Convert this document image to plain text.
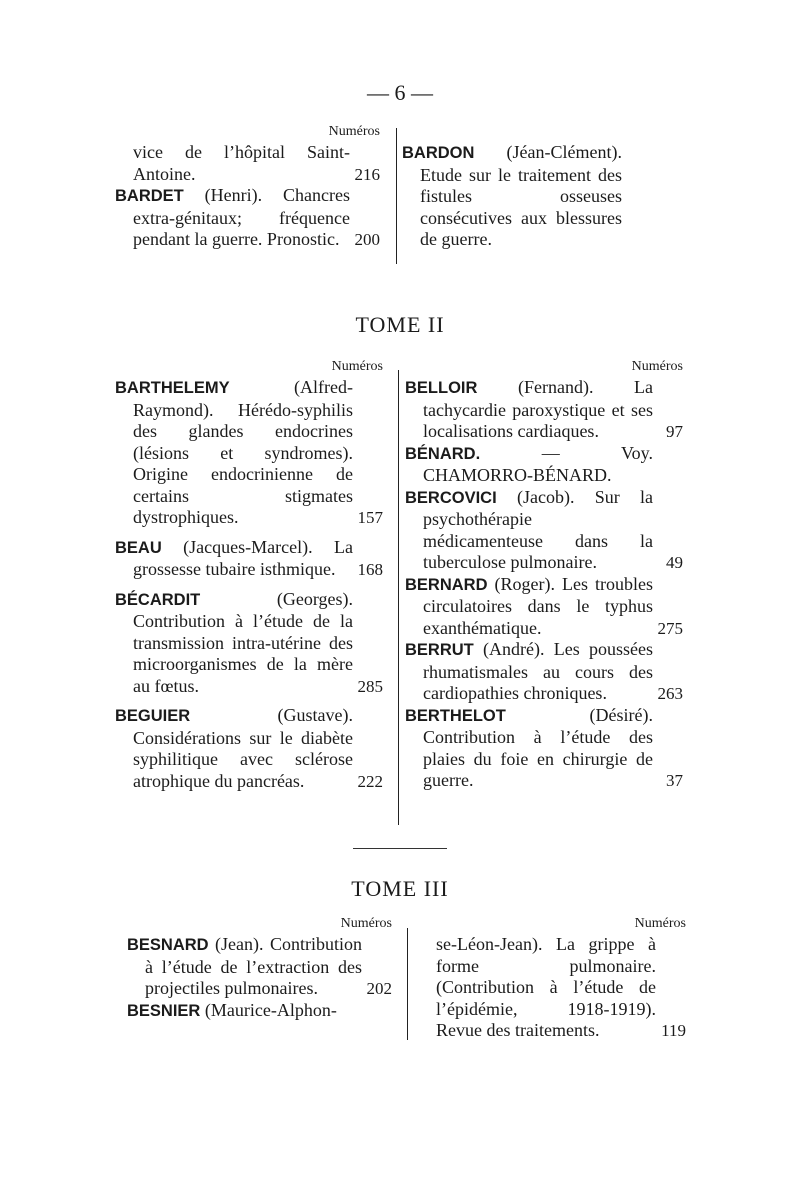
— 6 —
Numéros
vice de l’hôpital Saint-Antoine.	216
BARDET (Henri). Chancres extra-génitaux; fréquence pendant la guerre. Pronostic. 200
BARDON (Jéan-Clément). Etude sur le traitement des fistules osseuses consécutives aux blessures de guerre.
TOME II
Numéros
BARTHELEMY (Alfred-Raymond). Hérédo-syphilis des glandes endocrines (lésions et syndromes). Origine endocrinienne de certains stigmates dystrophiques.	157
BEAU (Jacques-Marcel). La grossesse tubaire isthmique. 168
BÉCARDIT (Georges). Contribution à l’étude de la transmission intra-utérine des microorganismes de la mère au fœtus.	285
BEGUIER (Gustave). Considérations sur le diabète syphilitique avec sclérose atrophique du pancréas.	222
Numéros
BELLOIR (Fernand). La tachycardie paroxystique et ses localisations cardiaques.	97
BÉNARD. — Voy. CHAMORRO-BÉNARD.
BERCOVICI (Jacob). Sur la psychothérapie médicamenteuse dans la tuberculose pulmonaire.	49
BERNARD (Roger). Les troubles circulatoires dans le typhus exanthématique.	275
BERRUT (André). Les poussées rhumatismales au cours des cardiopathies chroniques.	263
BERTHELOT (Désiré). Contribution à l’étude des plaies du foie en chirurgie de guerre.	37
TOME III
Numéros
BESNARD (Jean). Contribution à l’étude de l’extraction des projectiles pulmonaires.	202
BESNIER (Maurice-Alphon-
Numéros
se-Léon-Jean). La grippe à forme pulmonaire. (Contribution à l’étude de l’épidémie, 1918-1919). Revue des traitements.	119
